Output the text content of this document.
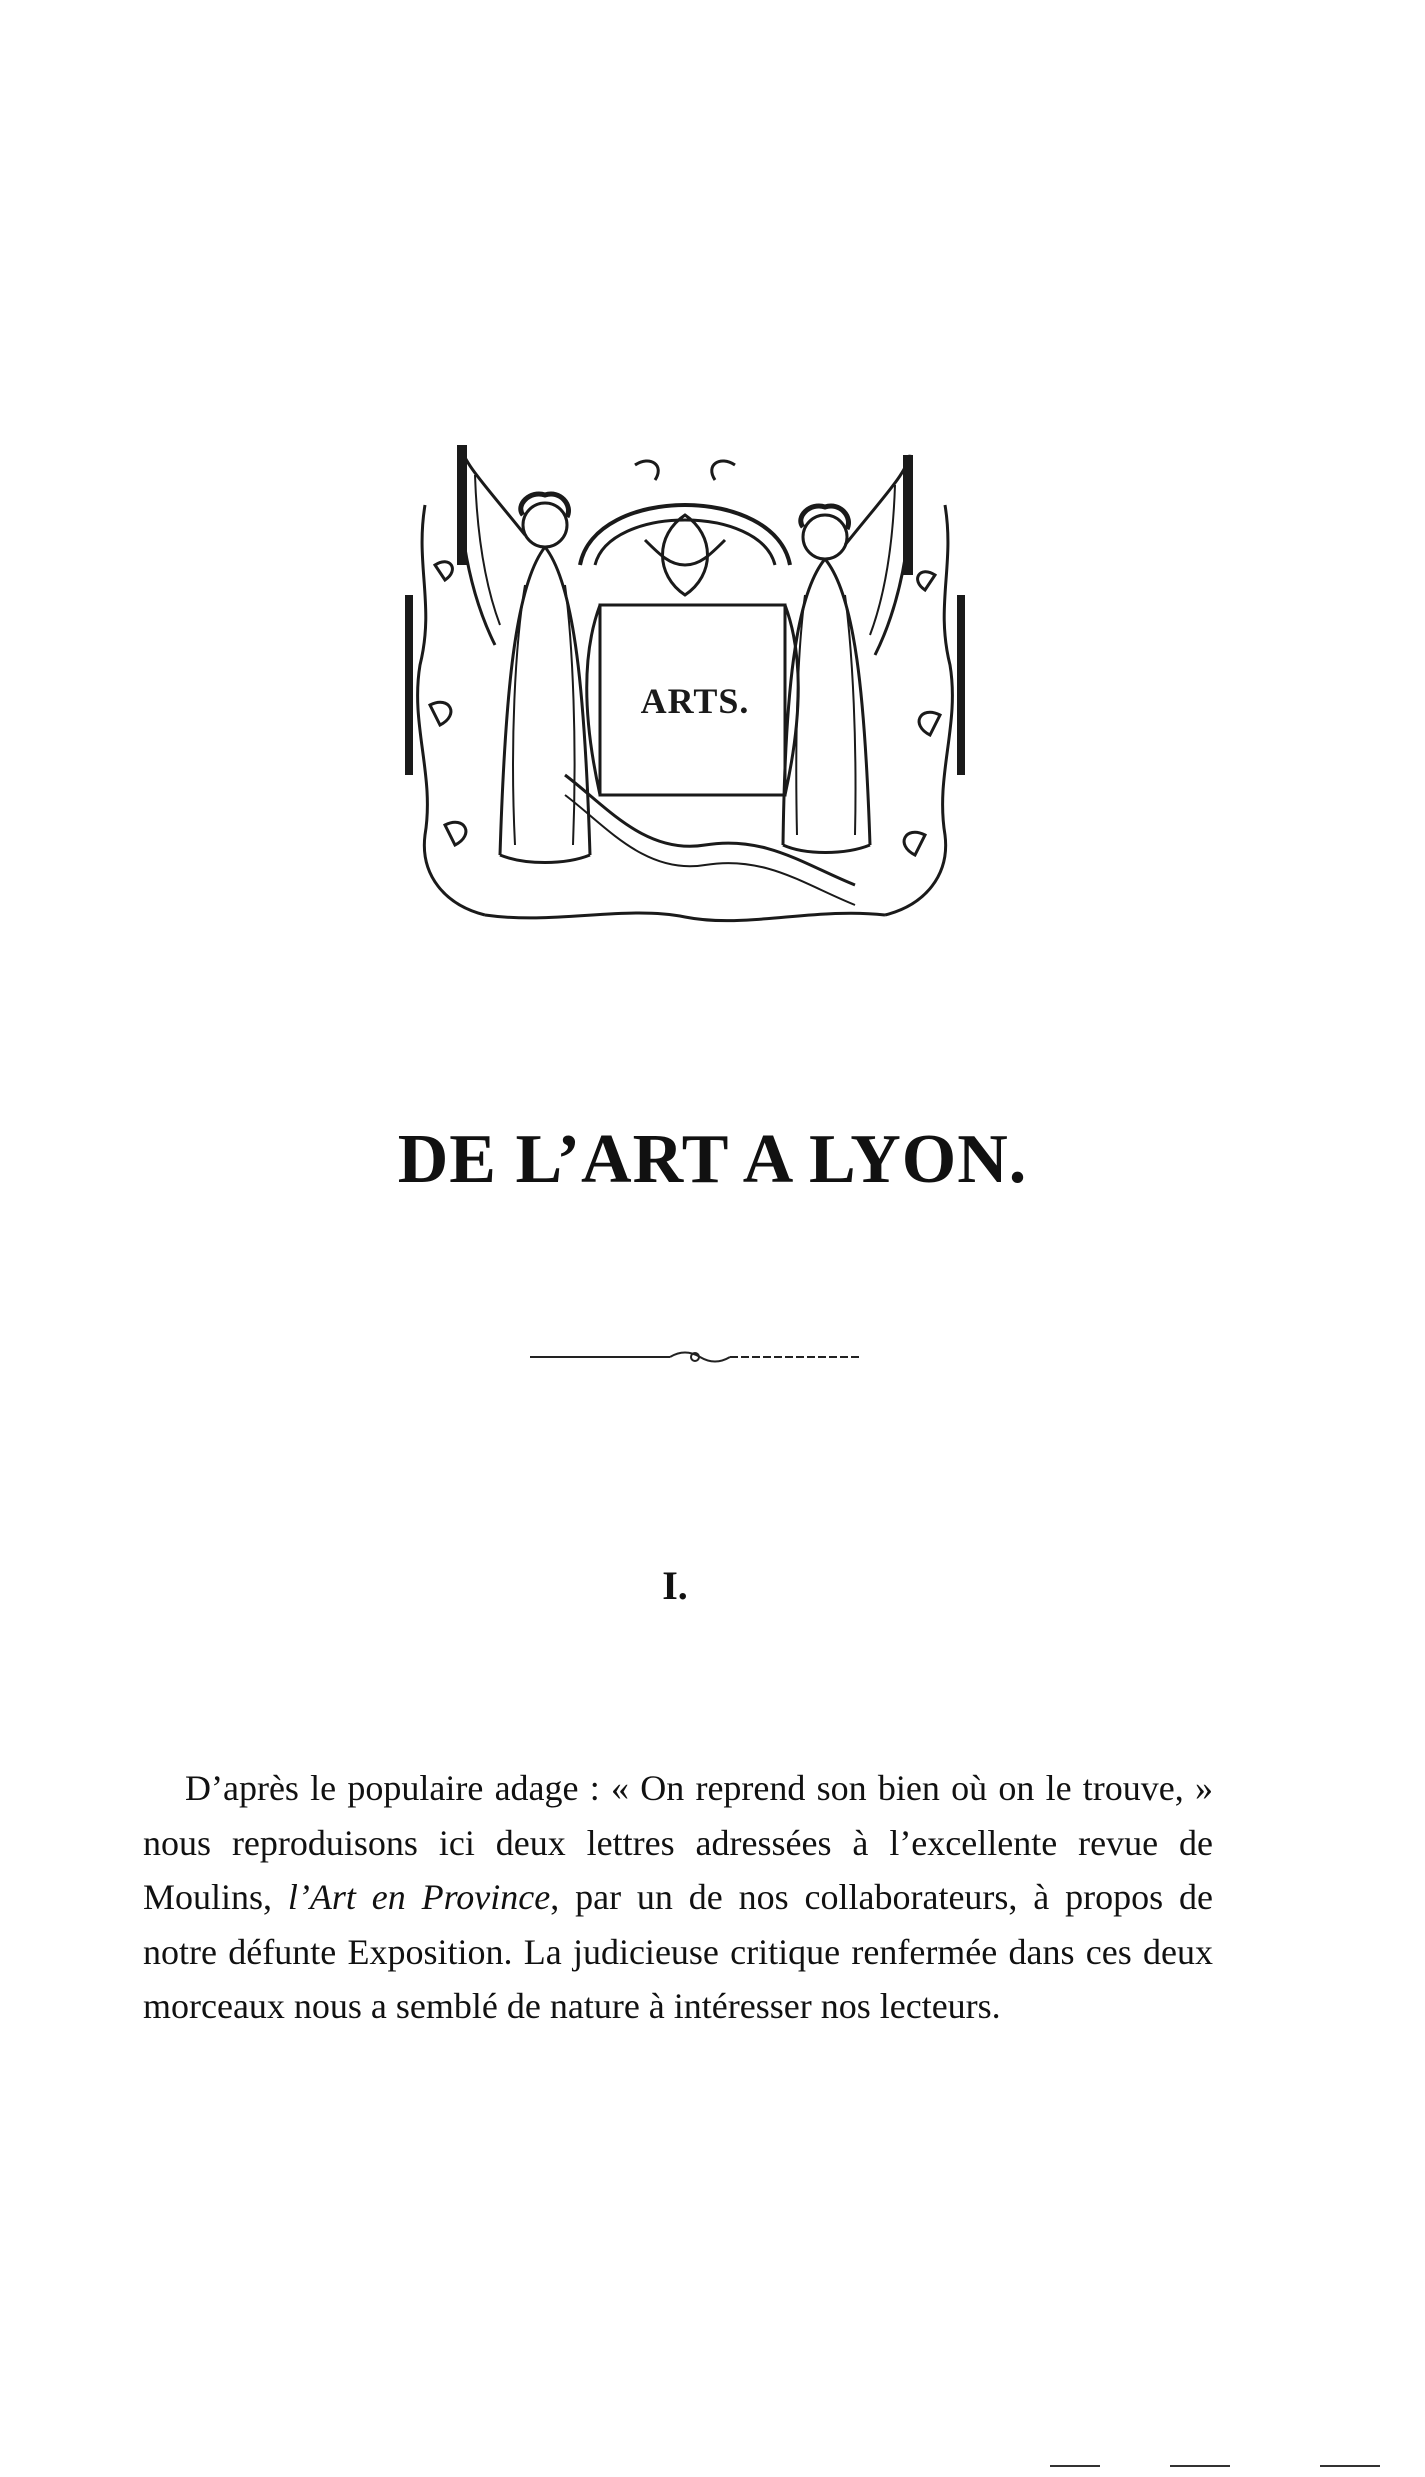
ARTS.
DE L’ART A LYON.
I.

D’après le populaire adage : « On reprend son bien où on le trouve, » nous reproduisons ici deux lettres adressées à l’excellente revue de Moulins, l’Art en Province, par un de nos collaborateurs, à propos de notre défunte Exposition. La judicieuse critique renfermée dans ces deux morceaux nous a semblé de nature à intéresser nos lecteurs.
